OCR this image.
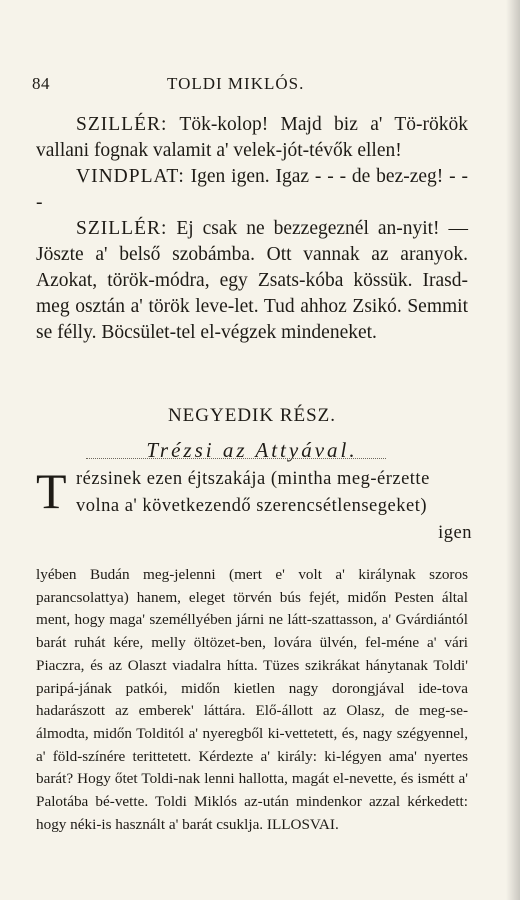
84	TOLDI MIKLÓS.

SZILLÉR: Tök-kolop! Majd biz a' Tö-rökök vallani fognak valamit a' velek-jót-tévők ellen!

VINDPLAT: Igen igen. Igaz - - - de bez-zeg! - - -

SZILLÉR: Ej csak ne bezzegeznél an-nyit! — Jöszte a' belső szobámba. Ott vannak az aranyok. Azokat, török-módra, egy Zsats-kóba kössük. Irasd-meg osztán a' török leve-let. Tud ahhoz Zsikó. Semmit se félly. Böcsület-tel el-végzek mindeneket.

NEGYEDIK RÉSZ.
Trézsi az Attyával.
T rézsinek ezen éjtszakája (mintha meg-érzette
volna a' következendő szerencsétlensegeket)
igen

lyében Budán meg-jelenni (mert e' volt a' királynak szoros parancsolattya) hanem, eleget törvén bús fejét, midőn Pesten által ment, hogy maga' személlyében járni ne látt-szattasson, a' Gvárdiántól barát ruhát kére, melly öltözet-ben, lovára ülvén, fel-méne a' vári Piaczra, és az Olaszt viadalra hítta. Tüzes szikrákat hánytanak Toldi' paripá-jának patkói, midőn kietlen nagy dorongjával ide-tova hadarászott az emberek' láttára. Elő-állott az Olasz, de meg-se-álmodta, midőn Tolditól a' nyeregből ki-vettetett, és, nagy szégyennel, a' föld-színére terittetett. Kérdezte a' király: ki-légyen ama' nyertes barát? Hogy őtet Toldi-nak lenni hallotta, magát el-nevette, és ismétt a' Palotába bé-vette. Toldi Miklós az-után mindenkor azzal kérkedett: hogy néki-is használt a' barát csuklja. ILLOSVAI.
